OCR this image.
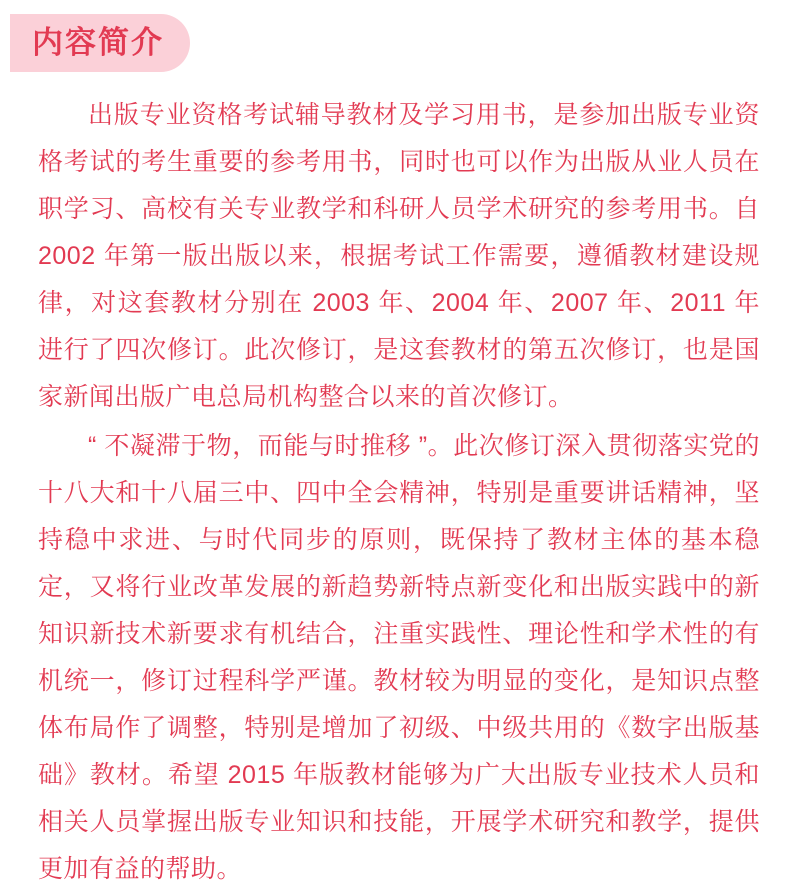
内容简介

出版专业资格考试辅导教材及学习用书，是参加出版专业资格考试的考生重要的参考用书，同时也可以作为出版从业人员在职学习、高校有关专业教学和科研人员学术研究的参考用书。自 2002 年第一版出版以来，根据考试工作需要，遵循教材建设规律，对这套教材分别在 2003 年、2004 年、2007 年、2011 年进行了四次修订。此次修订，是这套教材的第五次修订，也是国家新闻出版广电总局机构整合以来的首次修订。

“ 不凝滞于物，而能与时推移 ”。此次修订深入贯彻落实党的十八大和十八届三中、四中全会精神，特别是重要讲话精神，坚持稳中求进、与时代同步的原则，既保持了教材主体的基本稳定，又将行业改革发展的新趋势新特点新变化和出版实践中的新知识新技术新要求有机结合，注重实践性、理论性和学术性的有机统一，修订过程科学严谨。教材较为明显的变化，是知识点整体布局作了调整，特别是增加了初级、中级共用的《数字出版基础》教材。希望 2015 年版教材能够为广大出版专业技术人员和相关人员掌握出版专业知识和技能，开展学术研究和教学，提供更加有益的帮助。
